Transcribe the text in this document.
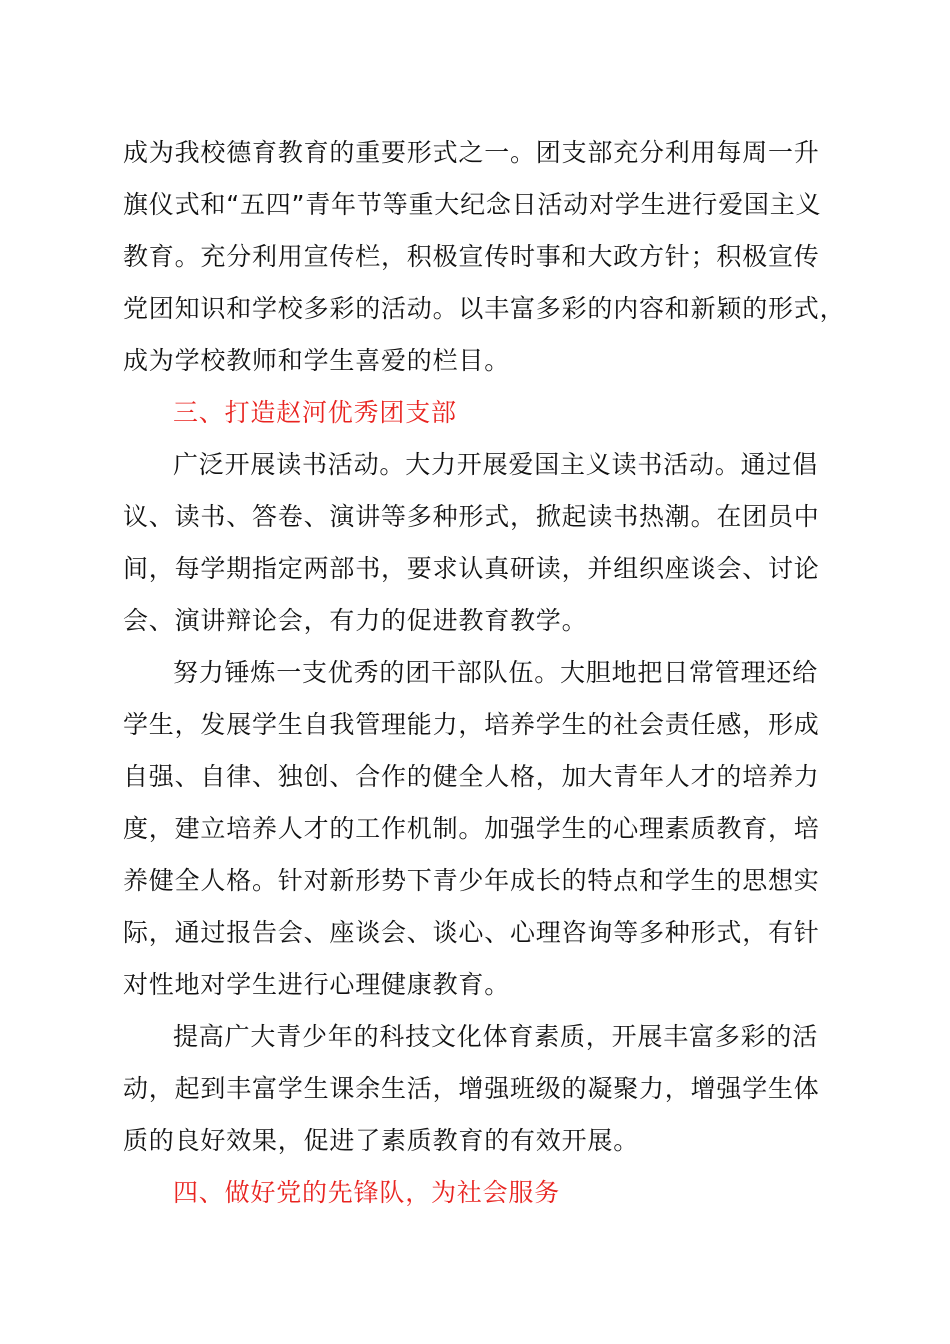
成为我校德育教育的重要形式之一。团支部充分利用每周一升
旗仪式和“五四”青年节等重大纪念日活动对学生进行爱国主义
教育。充分利用宣传栏，积极宣传时事和大政方针；积极宣传
党团知识和学校多彩的活动。以丰富多彩的内容和新颖的形式，
成为学校教师和学生喜爱的栏目。
三、打造赵河优秀团支部
广泛开展读书活动。大力开展爱国主义读书活动。通过倡
议、读书、答卷、演讲等多种形式，掀起读书热潮。在团员中
间，每学期指定两部书，要求认真研读，并组织座谈会、讨论
会、演讲辩论会，有力的促进教育教学。
努力锤炼一支优秀的团干部队伍。大胆地把日常管理还给
学生，发展学生自我管理能力，培养学生的社会责任感，形成
自强、自律、独创、合作的健全人格，加大青年人才的培养力
度，建立培养人才的工作机制。加强学生的心理素质教育，培
养健全人格。针对新形势下青少年成长的特点和学生的思想实
际，通过报告会、座谈会、谈心、心理咨询等多种形式，有针
对性地对学生进行心理健康教育。
提高广大青少年的科技文化体育素质，开展丰富多彩的活
动，起到丰富学生课余生活，增强班级的凝聚力，增强学生体
质的良好效果，促进了素质教育的有效开展。
四、做好党的先锋队，为社会服务
